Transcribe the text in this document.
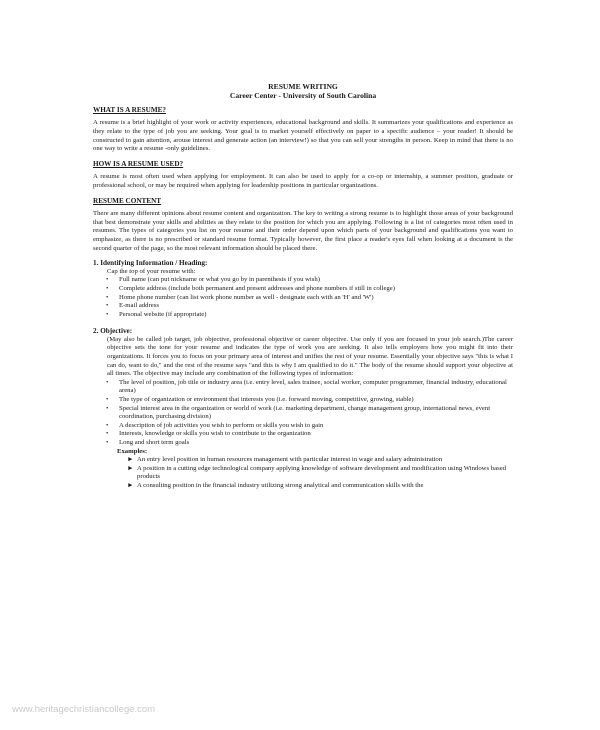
RESUME WRITING
Career Center - University of South Carolina
WHAT IS A RESUME?
A resume is a brief highlight of your work or activity experiences, educational background and skills. It summarizes your qualifications and experience as they relate to the type of job you are seeking. Your goal is to market yourself effectively on paper to a specific audience – your reader! It should be constructed to gain attention, arouse interest and generate action (an interview!) so that you can sell your strengths in person. Keep in mind that there is no one way to write a resume -only guidelines.
HOW IS A RESUME USED?
A resume is most often used when applying for employment. It can also be used to apply for a co-op or internship, a summer position, graduate or professional school, or may be required when applying for leadership positions in particular organizations.
RESUME CONTENT
There are many different opinions about resume content and organization. The key to writing a strong resume is to highlight those areas of your background that best demonstrate your skills and abilities as they relate to the position for which you are applying. Following is a list of categories most often used in resumes. The types of categories you list on your resume and their order depend upon which parts of your background and qualifications you want to emphasize, as there is no prescribed or standard resume format. Typically however, the first place a reader's eyes fall when looking at a document is the second quarter of the page, so the most relevant information should be placed there.
1. Identifying Information / Heading:
Cap the top of your resume with:
• Full name (can put nickname or what you go by in parenthesis if you wish)
• Complete address (include both permanent and present addresses and phone numbers if still in college)
• Home phone number (can list work phone number as well - designate each with an 'H' and 'W')
• E-mail address
• Personal website (if appropriate)
2. Objective:
(May also be called job target, job objective, professional objective or career objective. Use only if you are focused in your job search.)The career objective sets the tone for your resume and indicates the type of work you are seeking. It also tells employers how you might fit into their organizations. It forces you to focus on your primary area of interest and unifies the rest of your resume. Essentially your objective says "this is what I can do, want to do," and the rest of the resume says "and this is why I am qualified to do it." The body of the resume should support your objective at all times. The objective may include any combination of the following types of information:
• The level of position, job title or industry area (i.e. entry level, sales trainee, social worker, computer programmer, financial industry, educational arena)
• The type of organization or environment that interests you (i.e. forward moving, competitive, growing, stable)
• Special interest area in the organization or world of work (i.e. marketing department, change management group, international news, event coordination, purchasing division)
• A description of job activities you wish to perform or skills you wish to gain
• Interests, knowledge or skills you wish to contribute to the organization
• Long and short term goals
Examples:
► An entry level position in human resources management with particular interest in wage and salary administration
► A position in a cutting edge technological company applying knowledge of software development and modification using Windows based products
► A consulting position in the financial industry utilizing strong analytical and communication skills with the
www.heritagechristiancollege.com
